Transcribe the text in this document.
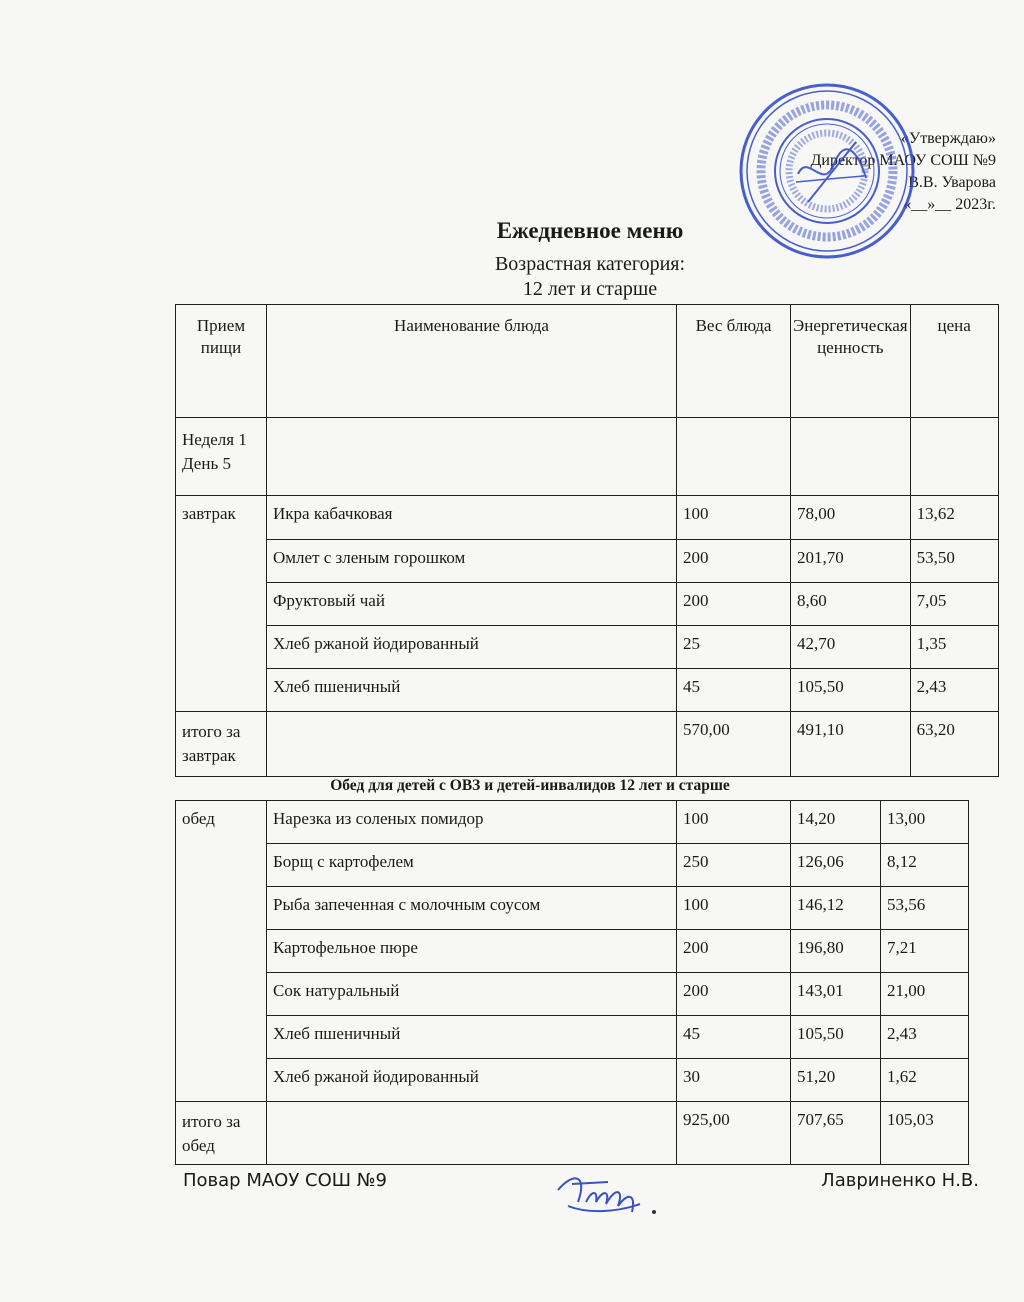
«Утверждаю»
Директор МАОУ СОШ №9
В.В. Уварова
«__»__ 2023г.
Ежедневное меню
Возрастная категория:
12 лет и старше
Прием пищи	Наименование блюда	Вес блюда	Энергетическая ценность	цена
Неделя 1 День 5				
завтрак	Икра кабачковая	100	78,00	13,62
	Омлет с зленым горошком	200	201,70	53,50
	Фруктовый чай	200	8,60	7,05
	Хлеб ржаной йодированный	25	42,70	1,35
	Хлеб пшеничный	45	105,50	2,43
итого за завтрак		570,00	491,10	63,20
Обед для детей с ОВЗ и детей-инвалидов 12 лет и старше
обед	Нарезка из соленых помидор	100	14,20	13,00
	Борщ с картофелем	250	126,06	8,12
	Рыба запеченная с молочным соусом	100	146,12	53,56
	Картофельное пюре	200	196,80	7,21
	Сок натуральный	200	143,01	21,00
	Хлеб пшеничный	45	105,50	2,43
	Хлеб ржаной йодированный	30	51,20	1,62
итого за обед		925,00	707,65	105,03
Повар МАОУ СОШ №9	Лавриненко Н.В.
